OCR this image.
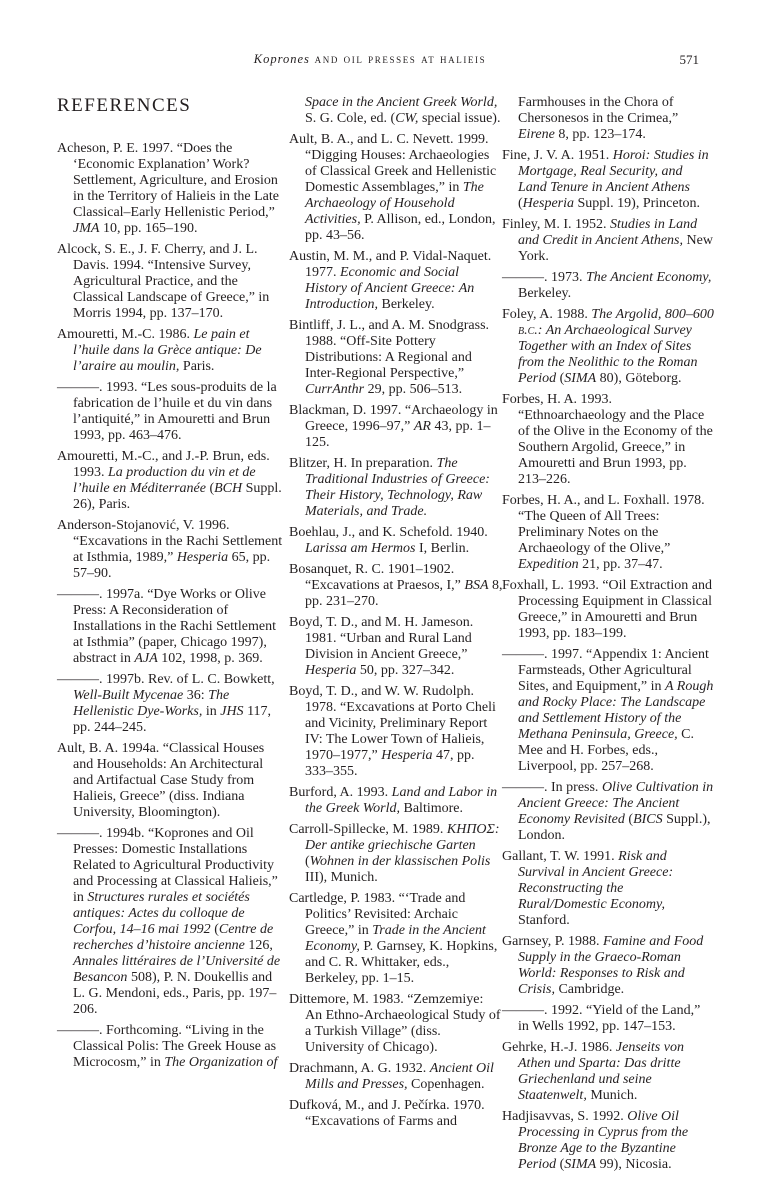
Koprones and oil presses at halieis	571
REFERENCES
Acheson, P. E. 1997. “Does the ‘Economic Explanation’ Work? Settlement, Agriculture, and Erosion in the Territory of Halieis in the Late Classical–Early Hellenistic Period,” JMA 10, pp. 165–190.
Alcock, S. E., J. F. Cherry, and J. L. Davis. 1994. “Intensive Survey, Agricultural Practice, and the Classical Landscape of Greece,” in Morris 1994, pp. 137–170.
Amouretti, M.-C. 1986. Le pain et l’huile dans la Grèce antique: De l’araire au moulin, Paris.
———. 1993. “Les sous-produits de la fabrication de l’huile et du vin dans l’antiquité,” in Amouretti and Brun 1993, pp. 463–476.
Amouretti, M.-C., and J.-P. Brun, eds. 1993. La production du vin et de l’huile en Méditerranée (BCH Suppl. 26), Paris.
Anderson-Stojanović, V. 1996. “Excavations in the Rachi Settlement at Isthmia, 1989,” Hesperia 65, pp. 57–90.
———. 1997a. “Dye Works or Olive Press: A Reconsideration of Installations in the Rachi Settlement at Isthmia” (paper, Chicago 1997), abstract in AJA 102, 1998, p. 369.
———. 1997b. Rev. of L. C. Bowkett, Well-Built Mycenae 36: The Hellenistic Dye-Works, in JHS 117, pp. 244–245.
Ault, B. A. 1994a. “Classical Houses and Households: An Architectural and Artifactual Case Study from Halieis, Greece” (diss. Indiana University, Bloomington).
———. 1994b. “Koprones and Oil Presses: Domestic Installations Related to Agricultural Productivity and Processing at Classical Halieis,” in Structures rurales et sociétés antiques: Actes du colloque de Corfou, 14–16 mai 1992 (Centre de recherches d’histoire ancienne 126, Annales littéraires de l’Université de Besancon 508), P. N. Doukellis and L. G. Mendoni, eds., Paris, pp. 197–206.
———. Forthcoming. “Living in the Classical Polis: The Greek House as Microcosm,” in The Organization of
Space in the Ancient Greek World, S. G. Cole, ed. (CW, special issue).
Ault, B. A., and L. C. Nevett. 1999. “Digging Houses: Archaeologies of Classical Greek and Hellenistic Domestic Assemblages,” in The Archaeology of Household Activities, P. Allison, ed., London, pp. 43–56.
Austin, M. M., and P. Vidal-Naquet. 1977. Economic and Social History of Ancient Greece: An Introduction, Berkeley.
Bintliff, J. L., and A. M. Snodgrass. 1988. “Off-Site Pottery Distributions: A Regional and Inter-Regional Perspective,” CurrAnthr 29, pp. 506–513.
Blackman, D. 1997. “Archaeology in Greece, 1996–97,” AR 43, pp. 1–125.
Blitzer, H. In preparation. The Traditional Industries of Greece: Their History, Technology, Raw Materials, and Trade.
Boehlau, J., and K. Schefold. 1940. Larissa am Hermos I, Berlin.
Bosanquet, R. C. 1901–1902. “Excavations at Praesos, I,” BSA 8, pp. 231–270.
Boyd, T. D., and M. H. Jameson. 1981. “Urban and Rural Land Division in Ancient Greece,” Hesperia 50, pp. 327–342.
Boyd, T. D., and W. W. Rudolph. 1978. “Excavations at Porto Cheli and Vicinity, Preliminary Report IV: The Lower Town of Halieis, 1970–1977,” Hesperia 47, pp. 333–355.
Burford, A. 1993. Land and Labor in the Greek World, Baltimore.
Carroll-Spillecke, M. 1989. ΚΗΠΟΣ: Der antike griechische Garten (Wohnen in der klassischen Polis III), Munich.
Cartledge, P. 1983. “‘Trade and Politics’ Revisited: Archaic Greece,” in Trade in the Ancient Economy, P. Garnsey, K. Hopkins, and C. R. Whittaker, eds., Berkeley, pp. 1–15.
Dittemore, M. 1983. “Zemzemiye: An Ethno-Archaeological Study of a Turkish Village” (diss. University of Chicago).
Drachmann, A. G. 1932. Ancient Oil Mills and Presses, Copenhagen.
Dufková, M., and J. Pečírka. 1970. “Excavations of Farms and
Farmhouses in the Chora of Chersonesos in the Crimea,” Eirene 8, pp. 123–174.
Fine, J. V. A. 1951. Horoi: Studies in Mortgage, Real Security, and Land Tenure in Ancient Athens (Hesperia Suppl. 19), Princeton.
Finley, M. I. 1952. Studies in Land and Credit in Ancient Athens, New York.
———. 1973. The Ancient Economy, Berkeley.
Foley, A. 1988. The Argolid, 800–600 b.c.: An Archaeological Survey Together with an Index of Sites from the Neolithic to the Roman Period (SIMA 80), Göteborg.
Forbes, H. A. 1993. “Ethnoarchaeology and the Place of the Olive in the Economy of the Southern Argolid, Greece,” in Amouretti and Brun 1993, pp. 213–226.
Forbes, H. A., and L. Foxhall. 1978. “The Queen of All Trees: Preliminary Notes on the Archaeology of the Olive,” Expedition 21, pp. 37–47.
Foxhall, L. 1993. “Oil Extraction and Processing Equipment in Classical Greece,” in Amouretti and Brun 1993, pp. 183–199.
———. 1997. “Appendix 1: Ancient Farmsteads, Other Agricultural Sites, and Equipment,” in A Rough and Rocky Place: The Landscape and Settlement History of the Methana Peninsula, Greece, C. Mee and H. Forbes, eds., Liverpool, pp. 257–268.
———. In press. Olive Cultivation in Ancient Greece: The Ancient Economy Revisited (BICS Suppl.), London.
Gallant, T. W. 1991. Risk and Survival in Ancient Greece: Reconstructing the Rural/Domestic Economy, Stanford.
Garnsey, P. 1988. Famine and Food Supply in the Graeco-Roman World: Responses to Risk and Crisis, Cambridge.
———. 1992. “Yield of the Land,” in Wells 1992, pp. 147–153.
Gehrke, H.-J. 1986. Jenseits von Athen und Sparta: Das dritte Griechenland und seine Staatenwelt, Munich.
Hadjisavvas, S. 1992. Olive Oil Processing in Cyprus from the Bronze Age to the Byzantine Period (SIMA 99), Nicosia.
